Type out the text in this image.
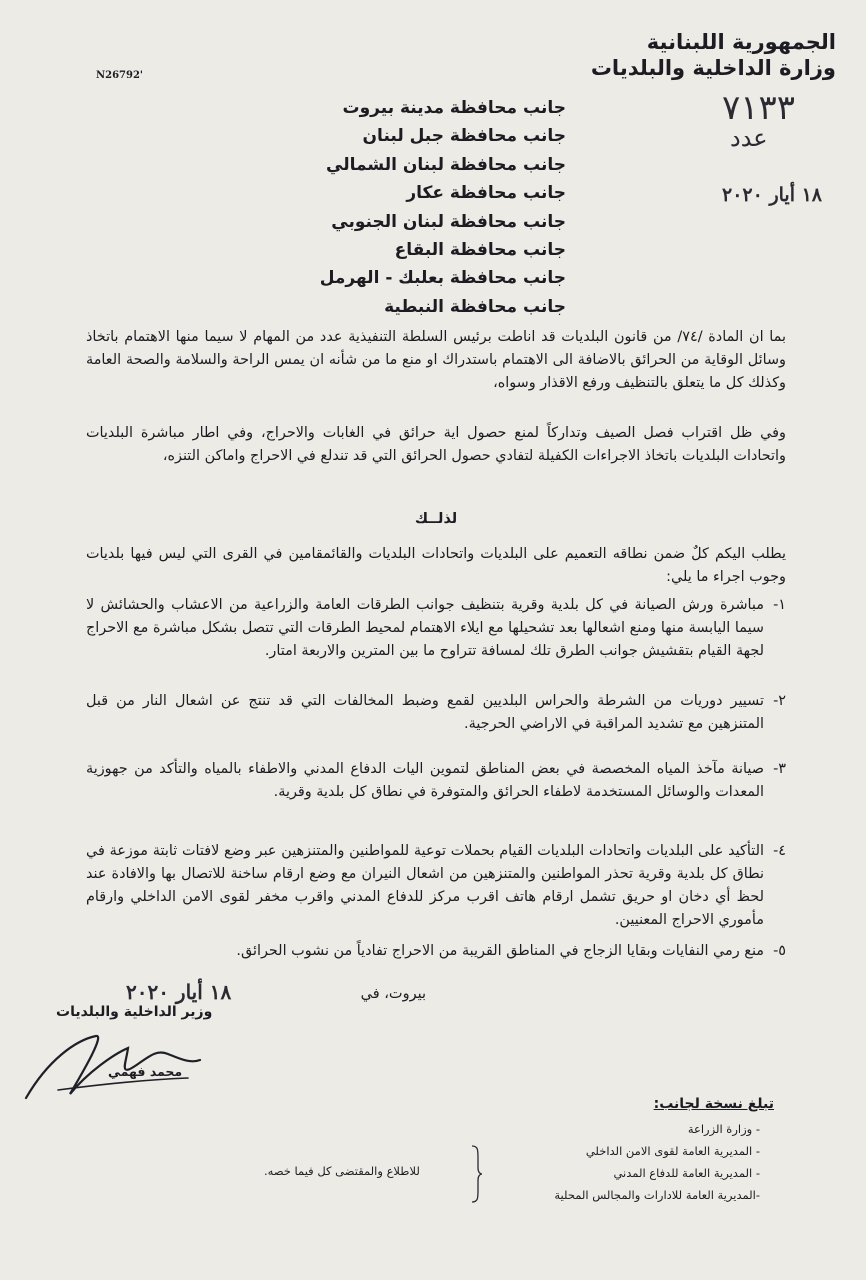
الجمهورية اللبنانية
وزارة الداخلية والبلديات
N26792'
٧١٣٣
عدد
١٨ أيار ٢٠٢٠
جانب محافظة مدينة بيروت
جانب محافظة جبل لبنان
جانب محافظة لبنان الشمالي
جانب محافظة عكار
جانب محافظة لبنان الجنوبي
جانب محافظة البقاع
جانب محافظة بعلبك - الهرمل
جانب محافظة النبطية
بما ان المادة /٧٤/ من قانون البلديات قد اناطت برئيس السلطة التنفيذية عدد من المهام لا سيما منها الاهتمام باتخاذ وسائل الوقاية من الحرائق بالاضافة الى الاهتمام باستدراك او منع ما من شأنه ان يمس الراحة والسلامة والصحة العامة وكذلك كل ما يتعلق بالتنظيف ورفع الاقذار وسواه،
وفي ظل اقتراب فصل الصيف وتداركاً لمنع حصول اية حرائق في الغابات والاحراج، وفي اطار مباشرة البلديات واتحادات البلديات باتخاذ الاجراءات الكفيلة لتفادي حصول الحرائق التي قد تندلع في الاحراج واماكن التنزه،
لذلــك
يطلب اليكم كلٌ ضمن نطاقه التعميم على البلديات واتحادات البلديات والقائمقامين في القرى التي ليس فيها بلديات وجوب اجراء ما يلي:
١-
مباشرة ورش الصيانة في كل بلدية وقرية بتنظيف جوانب الطرقات العامة والزراعية من الاعشاب والحشائش لا سيما اليابسة منها ومنع اشعالها بعد تشحيلها مع ايلاء الاهتمام لمحيط الطرقات التي تتصل بشكل مباشرة مع الاحراج لجهة القيام بتقشيش جوانب الطرق تلك لمسافة تتراوح ما بين المترين والاربعة امتار.
٢-
تسيير دوريات من الشرطة والحراس البلديين لقمع وضبط المخالفات التي قد تنتج عن اشعال النار من قبل المتنزهين مع تشديد المراقبة في الاراضي الحرجية.
٣-
صيانة مآخذ المياه المخصصة في بعض المناطق لتموين اليات الدفاع المدني والاطفاء بالمياه والتأكد من جهوزية المعدات والوسائل المستخدمة لاطفاء الحرائق والمتوفرة في نطاق كل بلدية وقرية.
٤-
التأكيد على البلديات واتحادات البلديات القيام بحملات توعية للمواطنين والمتنزهين عبر وضع لافتات ثابتة موزعة في نطاق كل بلدية وقرية تحذر المواطنين والمتنزهين من اشعال النيران مع وضع ارقام ساخنة للاتصال بها والافادة عند لحظ أي دخان او حريق تشمل ارقام هاتف اقرب مركز للدفاع المدني واقرب مخفر لقوى الامن الداخلي وارقام مأموري الاحراج المعنيين.
٥-
منع رمي النفايات وبقايا الزجاج في المناطق القريبة من الاحراج تفادياً من نشوب الحرائق.
بيروت، في
١٨ أيار ٢٠٢٠
وزير الداخلية والبلديات
محمد فهمي
تبلغ نسخة لجانب:
- وزارة الزراعة
- المديرية العامة لقوى الامن الداخلي
- المديرية العامة للدفاع المدني
-المديرية العامة للادارات والمجالس المحلية
للاطلاع والمقتضى كل فيما خصه.
